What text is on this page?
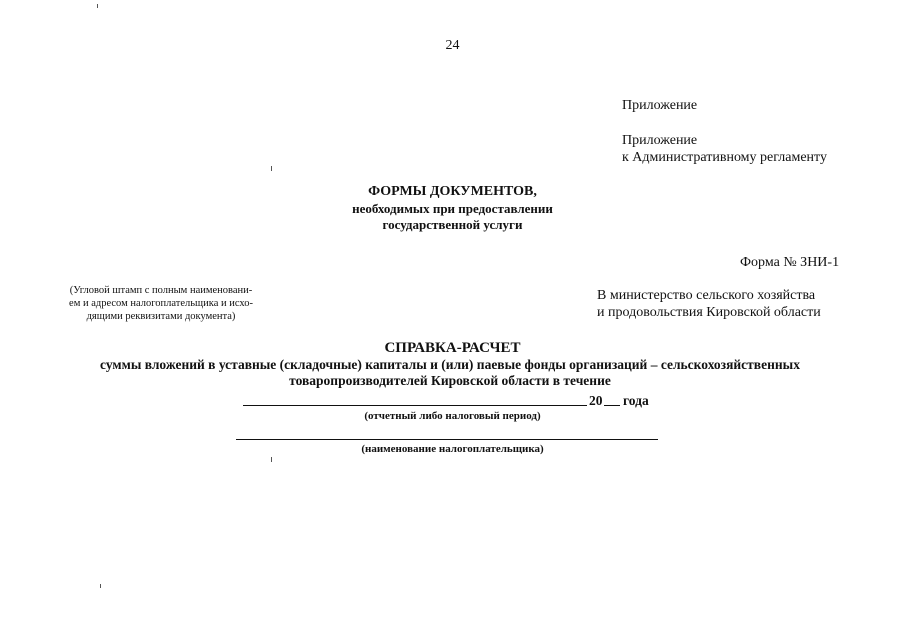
24
Приложение
Приложение
к Административному регламенту
ФОРМЫ ДОКУМЕНТОВ,
необходимых при предоставлении
государственной услуги
Форма № ЗНИ-1
(Угловой штамп с полным наименовани-
ем и адресом налогоплательщика и исхо-
дящими реквизитами документа)
В министерство сельского хозяйства
и продовольствия Кировской области
СПРАВКА-РАСЧЕТ
суммы вложений в уставные (складочные) капиталы и (или) паевые фонды организаций – сельскохозяйственных
товаропроизводителей Кировской области в течение
20 года
(отчетный либо налоговый период)
(наименование налогоплательщика)
